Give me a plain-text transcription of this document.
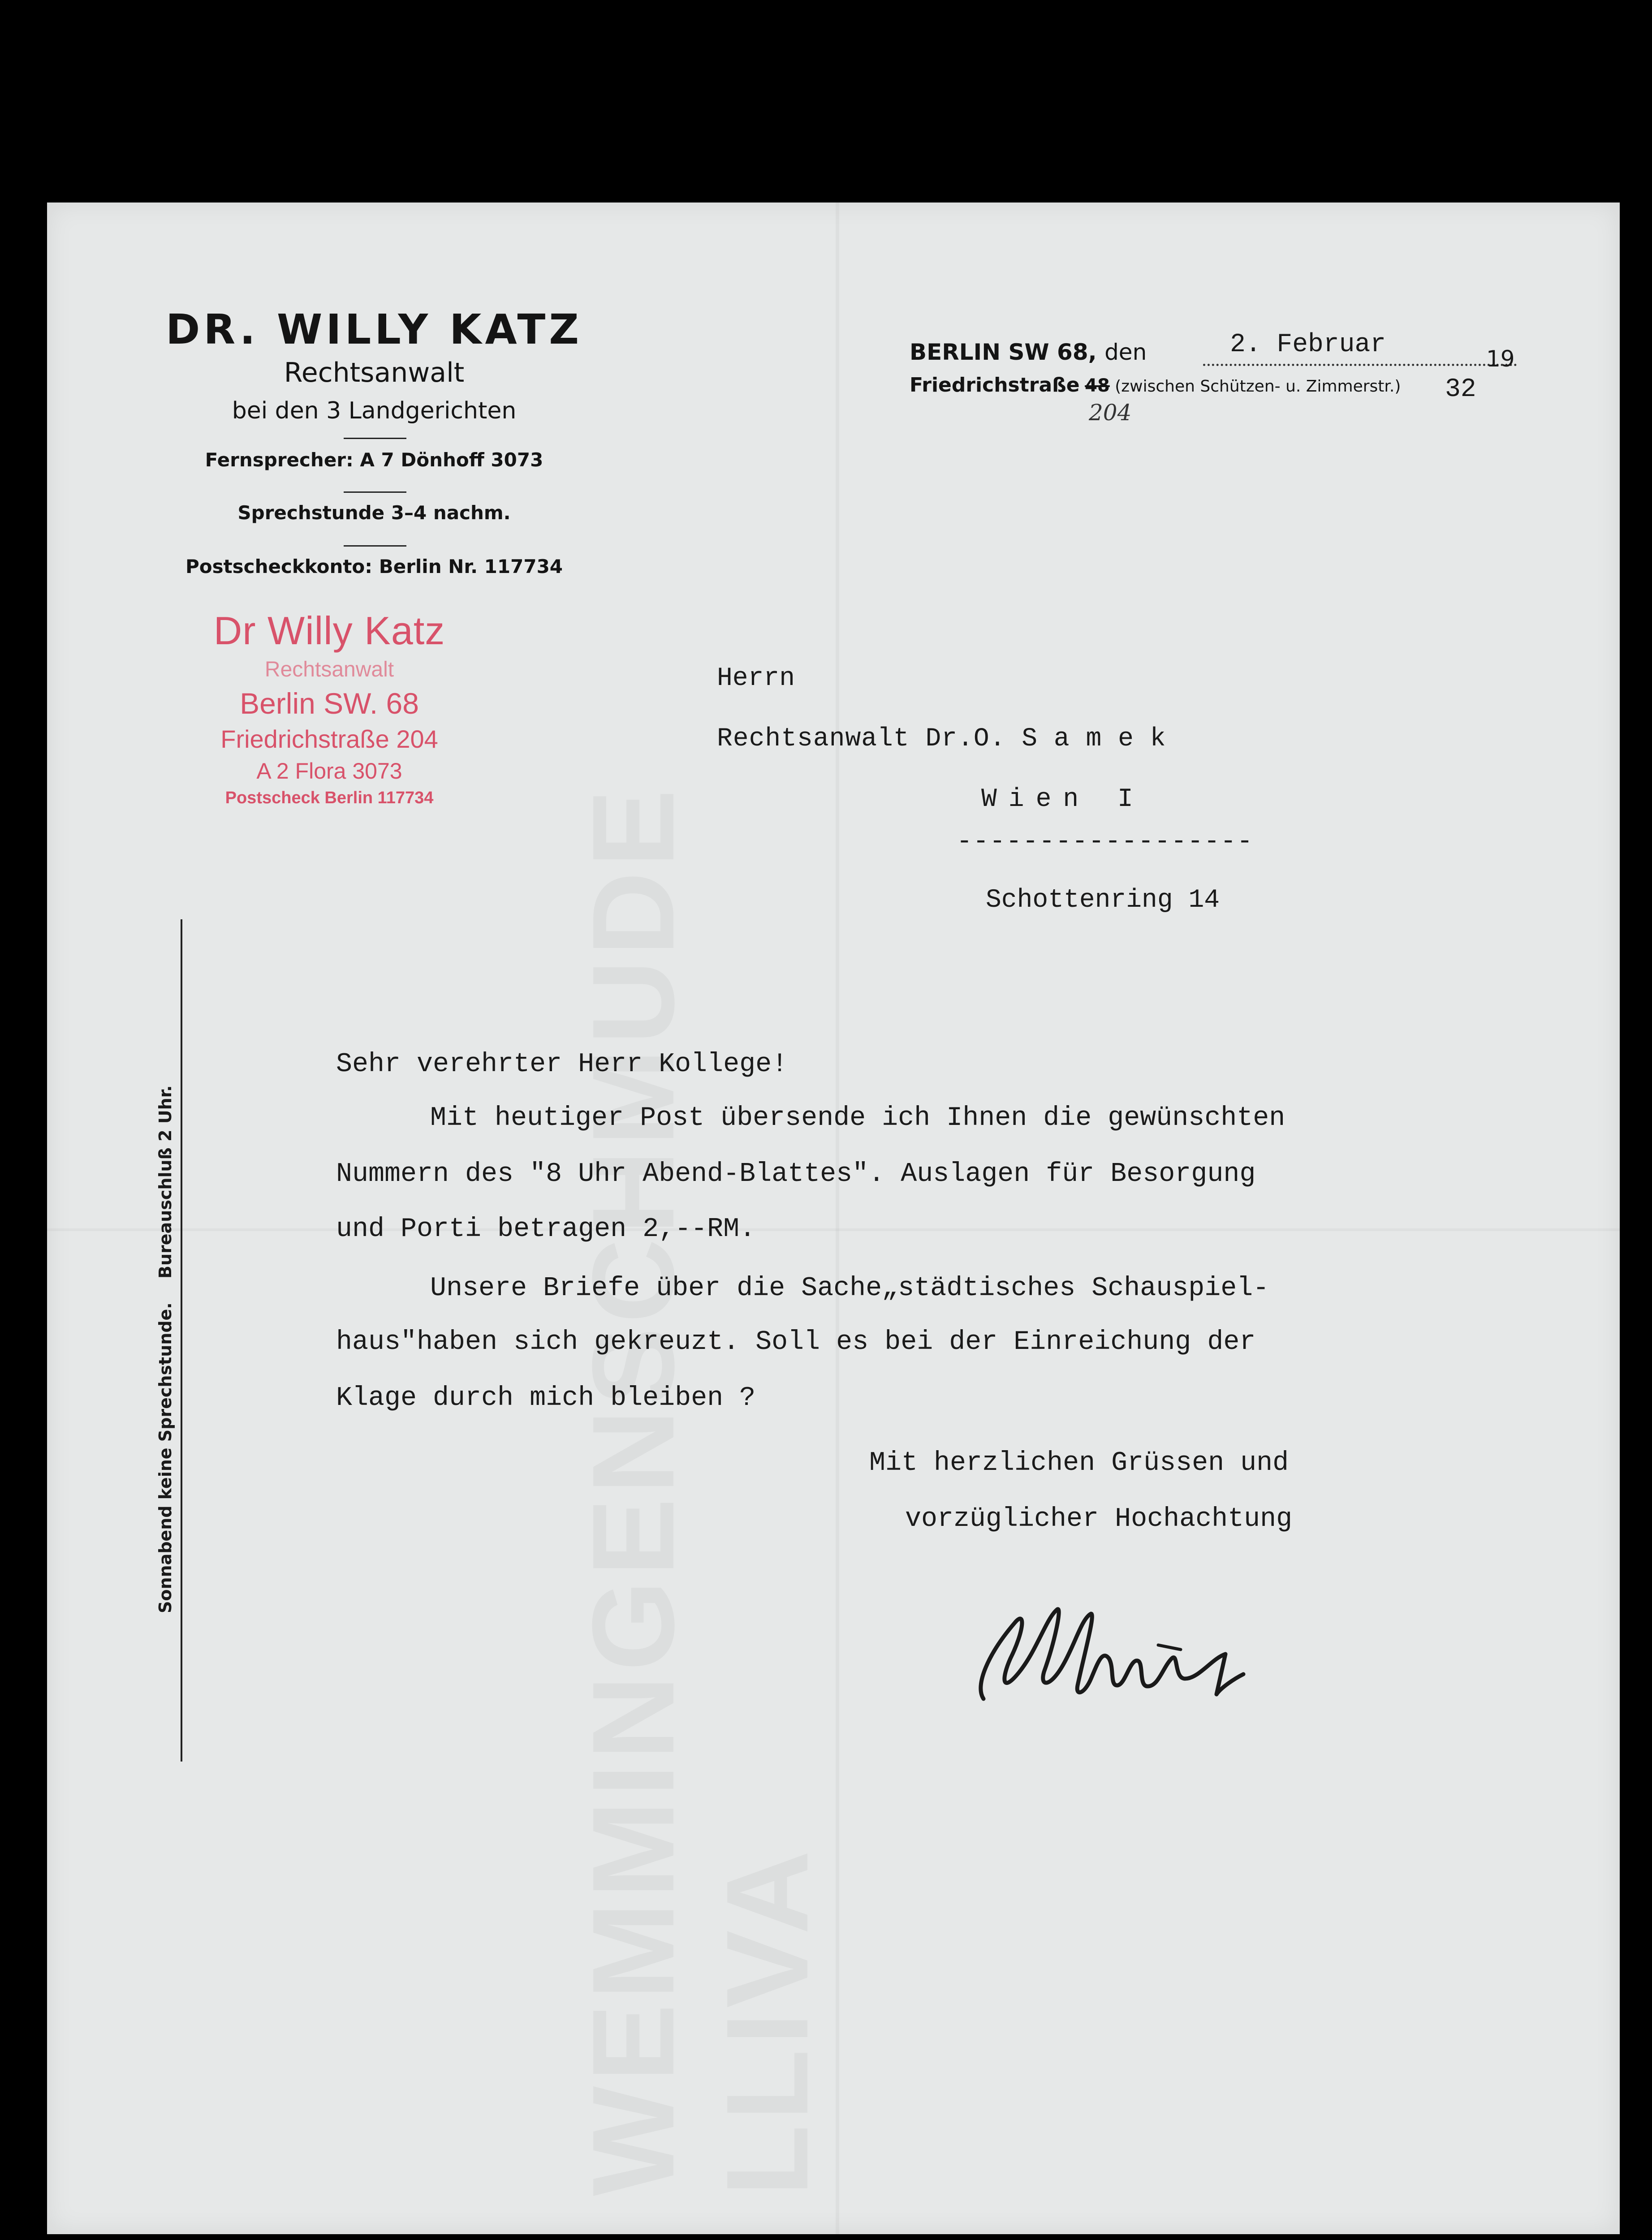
DR. WILLY KATZ
Rechtsanwalt
bei den 3 Landgerichten
Fernsprecher: A 7 Dönhoff 3073
Sprechstunde 3–4 nachm.
Postscheckkonto: Berlin Nr. 117734
Dr Willy Katz
Rechtsanwalt
Berlin SW. 68
Friedrichstraße 204
A 2 Flora 3073
Postscheck Berlin 117734
Sonnabend keine Sprechstunde. Bureauschluß 2 Uhr.
BERLIN SW 68, den	2. Februar	19
32
Friedrichstraße 48 (zwischen Schützen- u. Zimmerstr.)
204
Herrn
Rechtsanwalt Dr.O. S a m e k
Wien I
------------------
Schottenring 14
Sehr verehrter Herr Kollege!
Mit heutiger Post übersende ich Ihnen die gewünschten
Nummern des "8 Uhr Abend-Blattes". Auslagen für Besorgung
und Porti betragen 2,--RM.
Unsere Briefe über die Sache„städtisches Schauspiel-
haus"haben sich gekreuzt. Soll es bei der Einreichung der
Klage durch mich bleiben ?
Mit herzlichen Grüssen und
vorzüglicher Hochachtung
